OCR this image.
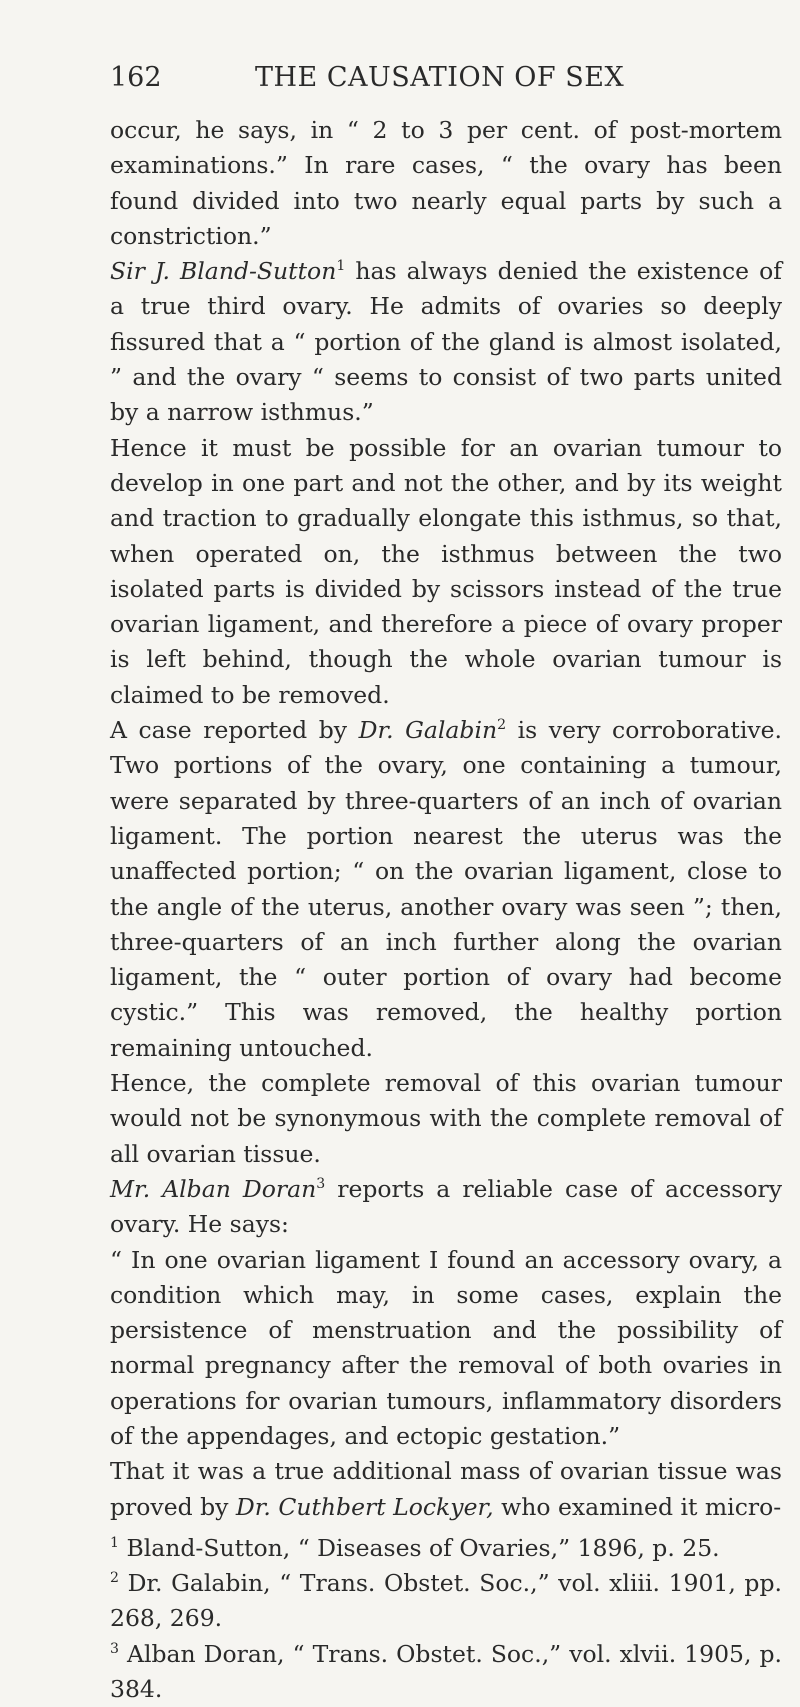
162	THE CAUSATION OF SEX

occur, he says, in “ 2 to 3 per cent. of post-mortem examinations.” In rare cases, “ the ovary has been found divided into two nearly equal parts by such a constriction.”

Sir J. Bland-Sutton$^1$ has always denied the existence of a true third ovary. He admits of ovaries so deeply fissured that a “ portion of the gland is almost isolated, ” and the ovary “ seems to consist of two parts united by a narrow isthmus.”

Hence it must be possible for an ovarian tumour to develop in one part and not the other, and by its weight and traction to gradually elongate this isthmus, so that, when operated on, the isthmus between the two isolated parts is divided by scissors instead of the true ovarian ligament, and therefore a piece of ovary proper is left behind, though the whole ovarian tumour is claimed to be removed.

A case reported by Dr. Galabin$^2$ is very corroborative. Two portions of the ovary, one containing a tumour, were separated by three-quarters of an inch of ovarian ligament. The portion nearest the uterus was the unaffected portion; “ on the ovarian ligament, close to the angle of the uterus, another ovary was seen ”; then, three-quarters of an inch further along the ovarian ligament, the “ outer portion of ovary had become cystic.” This was removed, the healthy portion remaining untouched.

Hence, the complete removal of this ovarian tumour would not be synonymous with the complete removal of all ovarian tissue.

Mr. Alban Doran$^3$ reports a reliable case of accessory ovary. He says:

“ In one ovarian ligament I found an accessory ovary, a condition which may, in some cases, explain the persistence of menstruation and the possibility of normal pregnancy after the removal of both ovaries in operations for ovarian tumours, inflammatory disorders of the appendages, and ectopic gestation.”

That it was a true additional mass of ovarian tissue was proved by Dr. Cuthbert Lockyer, who examined it micro-

$^1$ Bland-Sutton, “ Diseases of Ovaries,” 1896, p. 25.

$^2$ Dr. Galabin, “ Trans. Obstet. Soc.,” vol. xliii. 1901, pp. 268, 269.

$^3$ Alban Doran, “ Trans. Obstet. Soc.,” vol. xlvii. 1905, p. 384.
